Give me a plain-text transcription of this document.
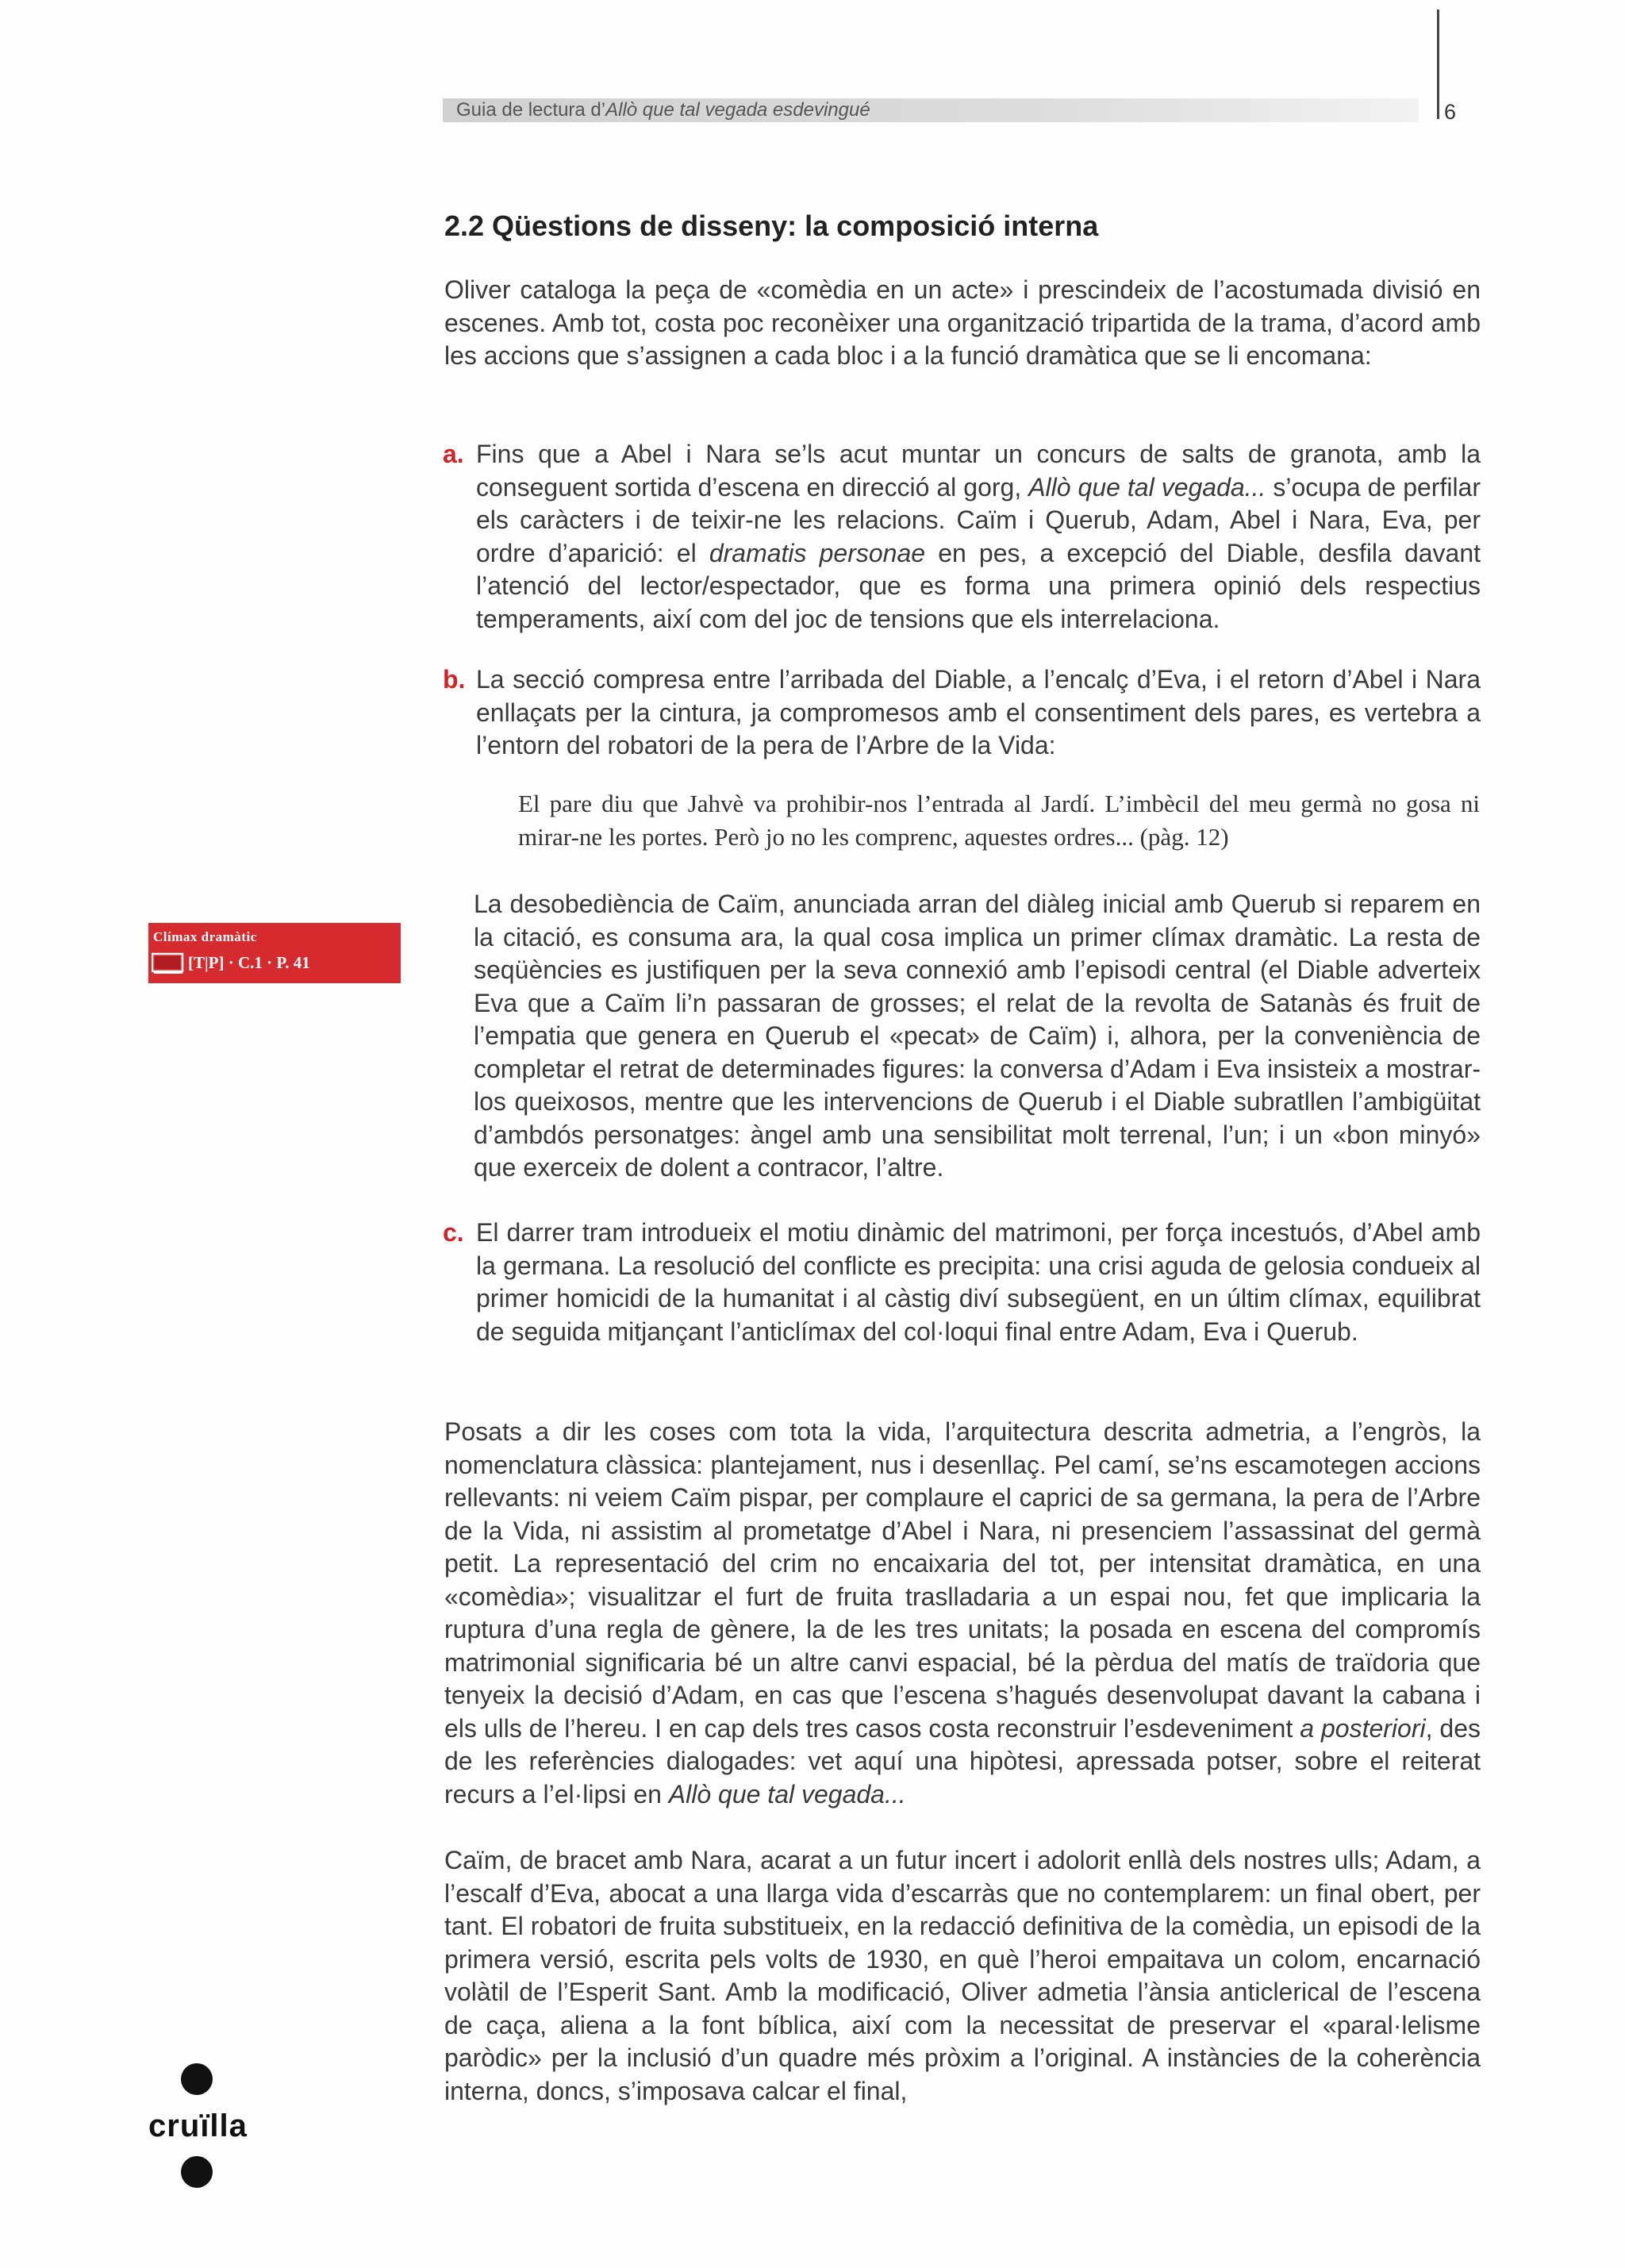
Guia de lectura d’Allò que tal vegada esdevingué	6
2.2 Qüestions de disseny: la composició interna

Oliver cataloga la peça de «comèdia en un acte» i prescindeix de l’acostumada divisió en escenes. Amb tot, costa poc reconèixer una organització tripartida de la trama, d’acord amb les accions que s’assignen a cada bloc i a la funció dramàtica que se li encomana:

a. Fins que a Abel i Nara se’ls acut muntar un concurs de salts de granota, amb la conseguent sortida d’escena en direcció al gorg, Allò que tal vegada... s’ocupa de perfilar els caràcters i de teixir-ne les relacions. Caïm i Querub, Adam, Abel i Nara, Eva, per ordre d’aparició: el dramatis personae en pes, a excepció del Diable, desfila davant l’atenció del lector/espectador, que es forma una primera opinió dels respectius temperaments, així com del joc de tensions que els interrelaciona.

b. La secció compresa entre l’arribada del Diable, a l’encalç d’Eva, i el retorn d’Abel i Nara enllaçats per la cintura, ja compromesos amb el consentiment dels pares, es vertebra a l’entorn del robatori de la pera de l’Arbre de la Vida:

El pare diu que Jahvè va prohibir-nos l’entrada al Jardí. L’imbècil del meu germà no gosa ni mirar-ne les portes. Però jo no les comprenc, aquestes ordres... (pàg. 12)

La desobediència de Caïm, anunciada arran del diàleg inicial amb Querub si reparem en la citació, es consuma ara, la qual cosa implica un primer clímax dramàtic. La resta de seqüències es justifiquen per la seva connexió amb l’episodi central (el Diable adverteix Eva que a Caïm li’n passaran de grosses; el relat de la revolta de Satanàs és fruit de l’empatia que genera en Querub el «pecat» de Caïm) i, alhora, per la conveniència de completar el retrat de determinades figures: la conversa d’Adam i Eva insisteix a mostrar-los queixosos, mentre que les intervencions de Querub i el Diable subratllen l’ambigüitat d’ambdós personatges: àngel amb una sensibilitat molt terrenal, l’un; i un «bon minyó» que exerceix de dolent a contracor, l’altre.

c. El darrer tram introdueix el motiu dinàmic del matrimoni, per força incestuós, d’Abel amb la germana. La resolució del conflicte es precipita: una crisi aguda de gelosia condueix al primer homicidi de la humanitat i al càstig diví subsegüent, en un últim clímax, equilibrat de seguida mitjançant l’anticlímax del col·loqui final entre Adam, Eva i Querub.

Posats a dir les coses com tota la vida, l’arquitectura descrita admetria, a l’engròs, la nomenclatura clàssica: plantejament, nus i desenllaç. Pel camí, se’ns escamotegen accions rellevants: ni veiem Caïm pispar, per complaure el caprici de sa germana, la pera de l’Arbre de la Vida, ni assistim al prometatge d’Abel i Nara, ni presenciem l’assassinat del germà petit. La representació del crim no encaixaria del tot, per intensitat dramàtica, en una «comèdia»; visualitzar el furt de fruita traslladaria a un espai nou, fet que implicaria la ruptura d’una regla de gènere, la de les tres unitats; la posada en escena del compromís matrimonial significaria bé un altre canvi espacial, bé la pèrdua del matís de traïdoria que tenyeix la decisió d’Adam, en cas que l’escena s’hagués desenvolupat davant la cabana i els ulls de l’hereu. I en cap dels tres casos costa reconstruir l’esdeveniment a posteriori, des de les referències dialogades: vet aquí una hipòtesi, apressada potser, sobre el reiterat recurs a l’el·lipsi en Allò que tal vegada...

Caïm, de bracet amb Nara, acarat a un futur incert i adolorit enllà dels nostres ulls; Adam, a l’escalf d’Eva, abocat a una llarga vida d’escarràs que no contemplarem: un final obert, per tant. El robatori de fruita substitueix, en la redacció definitiva de la comèdia, un episodi de la primera versió, escrita pels volts de 1930, en què l’heroi empaitava un colom, encarnació volàtil de l’Esperit Sant. Amb la modificació, Oliver admetia l’ànsia anticlerical de l’escena de caça, aliena a la font bíblica, així com la necessitat de preservar el «paral·lelisme paròdic» per la inclusió d’un quadre més pròxim a l’original. A instàncies de la coherència interna, doncs, s’imposava calcar el final,

Clímax dramàtic
[T|P] · C.1 · P. 41
cruïlla
